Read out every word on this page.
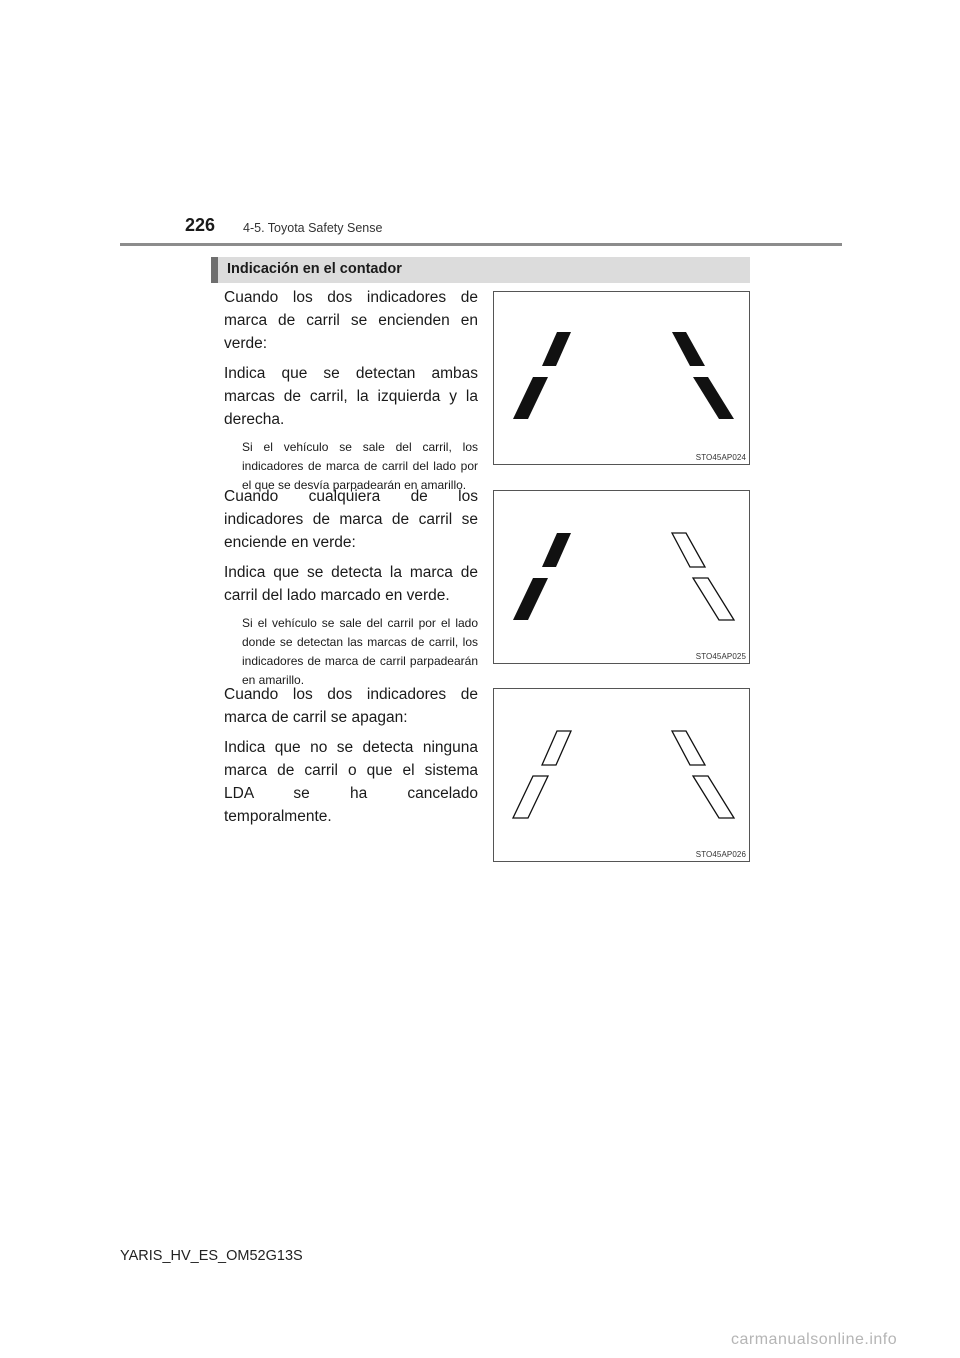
226 4-5. Toyota Safety Sense
Indicación en el contador

Cuando los dos indicadores de marca de carril se encienden en verde:

Indica que se detectan ambas marcas de carril, la izquierda y la derecha.

Si el vehículo se sale del carril, los indicadores de marca de carril del lado por el que se desvía parpadearán en amarillo.

STO45AP024

Cuando cualquiera de los indicadores de marca de carril se enciende en verde:

Indica que se detecta la marca de carril del lado marcado en verde.

Si el vehículo se sale del carril por el lado donde se detectan las marcas de carril, los indicadores de marca de carril parpadearán en amarillo.

STO45AP025

Cuando los dos indicadores de marca de carril se apagan:

Indica que no se detecta ninguna marca de carril o que el sistema LDA se ha cancelado temporalmente.

STO45AP026
YARIS_HV_ES_OM52G13S
carmanualsonline.info
